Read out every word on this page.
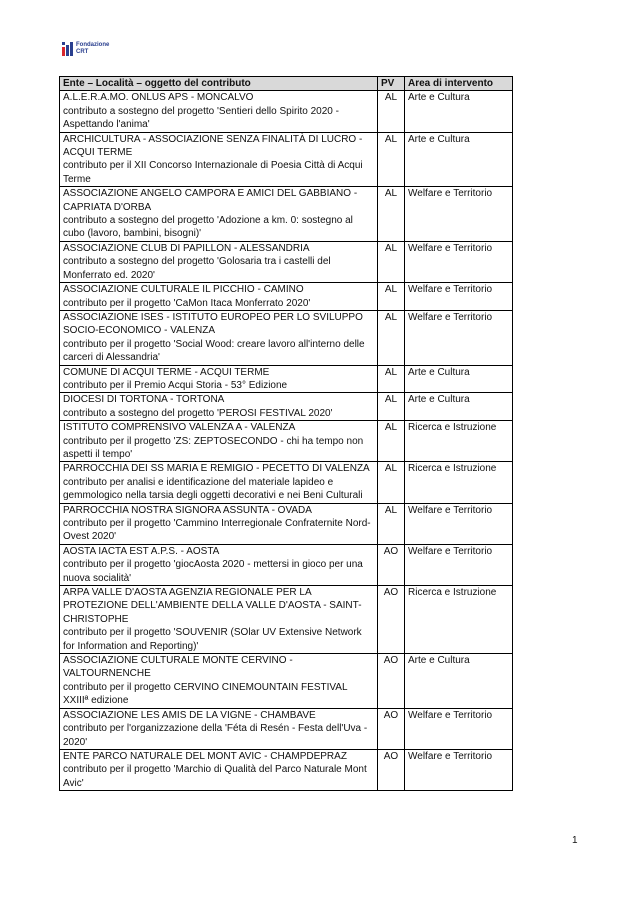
Fondazione
CRT
Ente – Località – oggetto del contributo	PV	Area di intervento

A.L.E.R.A.MO. ONLUS APS - MONCALVO
contributo a sostegno del progetto 'Sentieri dello Spirito 2020 - Aspettando l'anima'	AL	Arte e Cultura

ARCHICULTURA - ASSOCIAZIONE SENZA FINALITÀ DI LUCRO - ACQUI TERME
contributo per il XII Concorso Internazionale di Poesia Città di Acqui Terme	AL	Arte e Cultura

ASSOCIAZIONE ANGELO CAMPORA E AMICI DEL GABBIANO - CAPRIATA D'ORBA
contributo a sostegno del progetto 'Adozione a km. 0: sostegno al cubo (lavoro, bambini, bisogni)'	AL	Welfare e Territorio

ASSOCIAZIONE CLUB DI PAPILLON - ALESSANDRIA
contributo a sostegno del progetto 'Golosaria tra i castelli del Monferrato ed. 2020'	AL	Welfare e Territorio

ASSOCIAZIONE CULTURALE IL PICCHIO - CAMINO
contributo per il progetto 'CaMon Itaca Monferrato 2020'	AL	Welfare e Territorio

ASSOCIAZIONE ISES - ISTITUTO EUROPEO PER LO SVILUPPO SOCIO-ECONOMICO - VALENZA
contributo per il progetto 'Social Wood: creare lavoro all'interno delle carceri di Alessandria'	AL	Welfare e Territorio

COMUNE DI ACQUI TERME - ACQUI TERME
contributo per il Premio Acqui Storia - 53° Edizione	AL	Arte e Cultura

DIOCESI DI TORTONA - TORTONA
contributo a sostegno del progetto 'PEROSI FESTIVAL 2020'	AL	Arte e Cultura

ISTITUTO COMPRENSIVO VALENZA A - VALENZA
contributo per il progetto 'ZS: ZEPTOSECONDO - chi ha tempo non aspetti il tempo'	AL	Ricerca e Istruzione

PARROCCHIA DEI SS MARIA E REMIGIO - PECETTO DI VALENZA
contributo per analisi e identificazione del materiale lapideo e gemmologico nella tarsia degli oggetti decorativi e nei Beni Culturali	AL	Ricerca e Istruzione

PARROCCHIA NOSTRA SIGNORA ASSUNTA - OVADA
contributo per il progetto 'Cammino Interregionale Confraternite Nord-Ovest 2020'	AL	Welfare e Territorio

AOSTA IACTA EST A.P.S. - AOSTA
contributo per il progetto 'giocAosta 2020 - mettersi in gioco per una nuova socialità'	AO	Welfare e Territorio

ARPA VALLE D'AOSTA AGENZIA REGIONALE PER LA PROTEZIONE DELL'AMBIENTE DELLA VALLE D'AOSTA - SAINT-CHRISTOPHE
contributo per il progetto 'SOUVENIR (SOlar UV Extensive Network for Information and Reporting)'	AO	Ricerca e Istruzione

ASSOCIAZIONE CULTURALE MONTE CERVINO - VALTOURNENCHE
contributo per il progetto CERVINO CINEMOUNTAIN FESTIVAL XXIIIª edizione	AO	Arte e Cultura

ASSOCIAZIONE LES AMIS DE LA VIGNE - CHAMBAVE
contributo per l'organizzazione della 'Féta di Resén - Festa dell'Uva - 2020'	AO	Welfare e Territorio

ENTE PARCO NATURALE DEL MONT AVIC - CHAMPDEPRAZ
contributo per il progetto 'Marchio di Qualità del Parco Naturale Mont Avic'	AO	Welfare e Territorio
1
